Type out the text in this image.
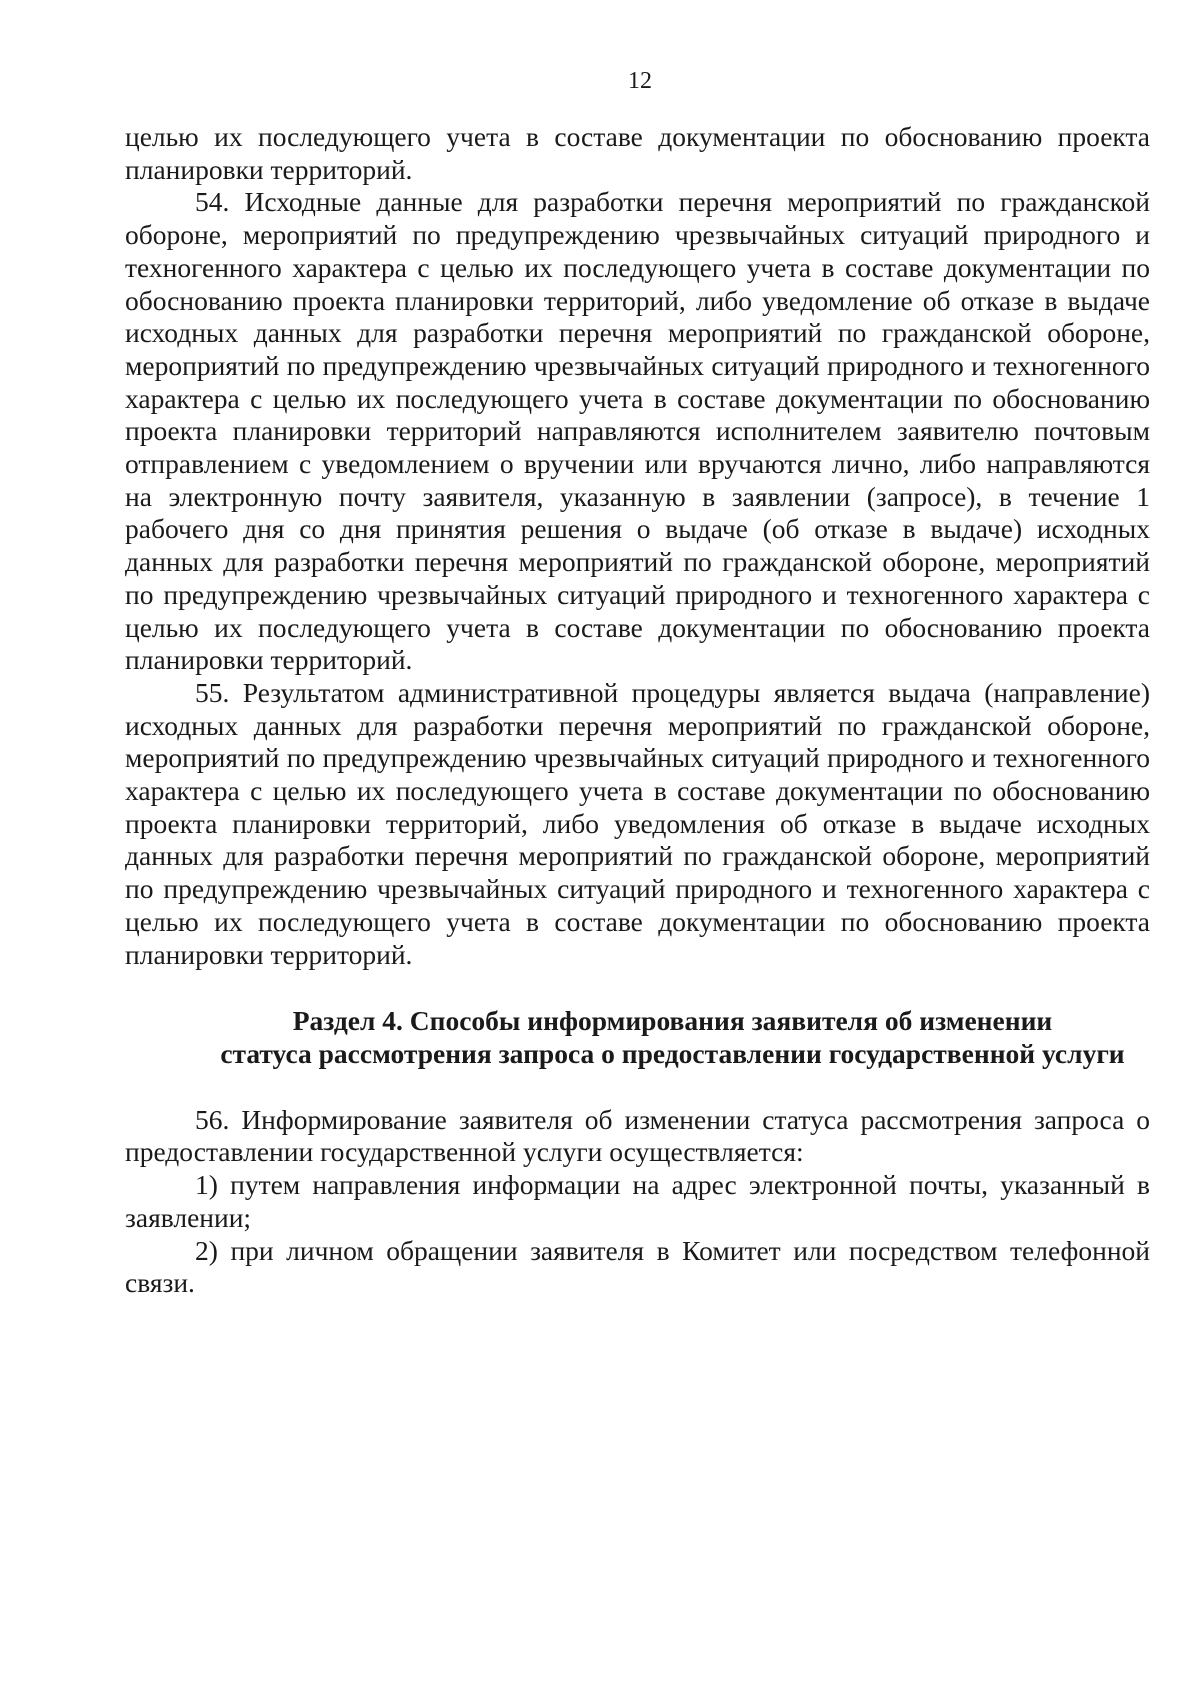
12

целью их последующего учета в составе документации по обоснованию проекта планировки территорий.

54. Исходные данные для разработки перечня мероприятий по гражданской обороне, мероприятий по предупреждению чрезвычайных ситуаций природного и техногенного характера с целью их последующего учета в составе документации по обоснованию проекта планировки территорий, либо уведомление об отказе в выдаче исходных данных для разработки перечня мероприятий по гражданской обороне, мероприятий по предупреждению чрезвычайных ситуаций природного и техногенного характера с целью их последующего учета в составе документации по обоснованию проекта планировки территорий направляются исполнителем заявителю почтовым отправлением с уведомлением о вручении или вручаются лично, либо направляются на электронную почту заявителя, указанную в заявлении (запросе), в течение 1 рабочего дня со дня принятия решения о выдаче (об отказе в выдаче) исходных данных для разработки перечня мероприятий по гражданской обороне, мероприятий по предупреждению чрезвычайных ситуаций природного и техногенного характера с целью их последующего учета в составе документации по обоснованию проекта планировки территорий.

55. Результатом административной процедуры является выдача (направление) исходных данных для разработки перечня мероприятий по гражданской обороне, мероприятий по предупреждению чрезвычайных ситуаций природного и техногенного характера с целью их последующего учета в составе документации по обоснованию проекта планировки территорий, либо уведомления об отказе в выдаче исходных данных для разработки перечня мероприятий по гражданской обороне, мероприятий по предупреждению чрезвычайных ситуаций природного и техногенного характера с целью их последующего учета в составе документации по обоснованию проекта планировки территорий.

Раздел 4. Способы информирования заявителя об изменении
статуса рассмотрения запроса о предоставлении государственной услуги

56. Информирование заявителя об изменении статуса рассмотрения запроса о предоставлении государственной услуги осуществляется:

1) путем направления информации на адрес электронной почты, указанный в заявлении;

2) при личном обращении заявителя в Комитет или посредством телефонной связи.
